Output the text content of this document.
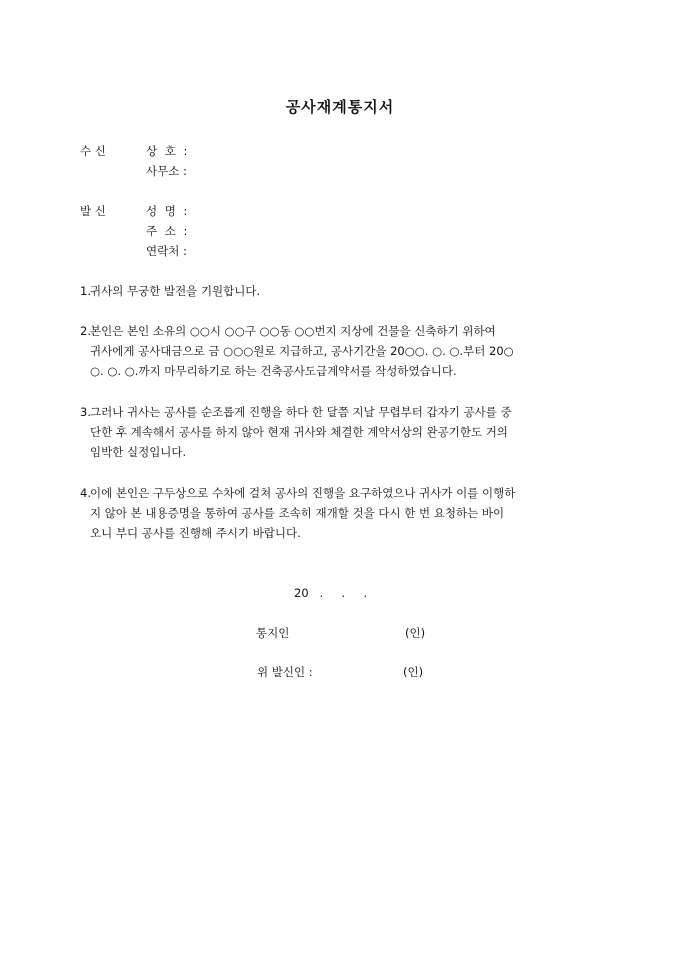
공사재계통지서
수 신	상 호 :
사무소 :
발 신	성 명 :
주 소 :
연락처 :
1. 귀사의 무궁한 발전을 기원합니다.
2. 본인은 본인 소유의 ○○시 ○○구 ○○동 ○○번지 지상에 건물을 신축하기 위하여
귀사에게 공사대금으로 금 ○○○원로 지급하고, 공사기간을 20○○. ○. ○.부터 20○
○. ○. ○.까지 마무리하기로 하는 건축공사도급계약서를 작성하였습니다.
3. 그러나 귀사는 공사를 순조롭게 진행을 하다 한 달쯤 지날 무렵부터 갑자기 공사를 중
단한 후 계속해서 공사를 하지 않아 현재 귀사와 체결한 계약서상의 완공기한도 거의
임박한 실정입니다.
4. 이에 본인은 구두상으로 수차에 걸쳐 공사의 진행을 요구하였으나 귀사가 이를 이행하
지 않아 본 내용증명을 통하여 공사를 조속히 재개할 것을 다시 한 번 요청하는 바이
오니 부디 공사를 진행해 주시기 바랍니다.
20   .     .     .
통지인	(인)
위 발신인 :	(인)
